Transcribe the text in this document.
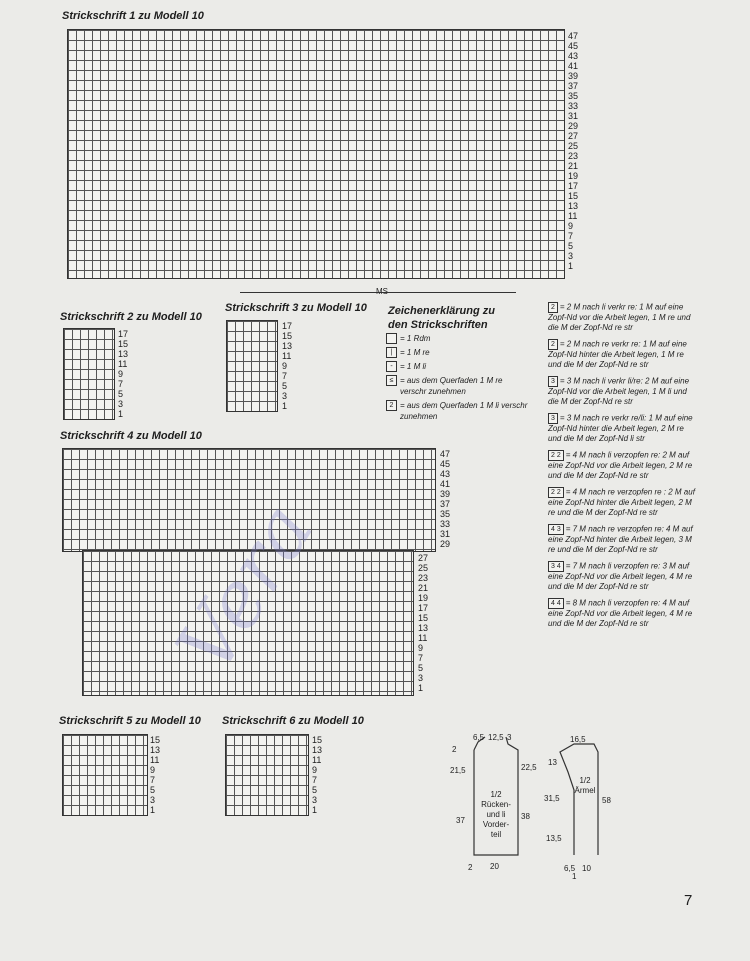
Strickschrift 1 zu Modell 10
47
45
43
41
39
37
35
33
31
29
27
25
23
21
19
17
15
13
11
9
7
5
3
1
MS
Strickschrift 2 zu Modell 10
17
15
13
11
9
7
5
3
1
Strickschrift 3 zu Modell 10
17
15
13
11
9
7
5
3
1
Zeichenerklärung zu
den Strickschriften
= 1 Rdm
| = 1 M re
- = 1 M li
≤ = aus dem Querfaden 1 M re verschr zunehmen
2 = aus dem Querfaden 1 M li verschr zunehmen
2 = 2 M nach li verkr re: 1 M auf eine Zopf-Nd vor die Arbeit legen, 1 M re und die M der Zopf-Nd re str
2 = 2 M nach re verkr re: 1 M auf eine Zopf-Nd hinter die Arbeit legen, 1 M re und die M der Zopf-Nd re str
3 = 3 M nach li verkr li/re: 2 M auf eine Zopf-Nd vor die Arbeit legen, 1 M li und die M der Zopf-Nd re str
3 = 3 M nach re verkr re/li: 1 M auf eine Zopf-Nd hinter die Arbeit legen, 2 M re und die M der Zopf-Nd li str
2 2 = 4 M nach li verzopfen re: 2 M auf eine Zopf-Nd vor die Arbeit legen, 2 M re und die M der Zopf-Nd re str
2 2 = 4 M nach re verzopfen re : 2 M auf eine Zopf-Nd hinter die Arbeit legen, 2 M re und die M der Zopf-Nd re str
4 3 = 7 M nach re verzopfen re: 4 M auf eine Zopf-Nd hinter die Arbeit legen, 3 M re und die M der Zopf-Nd re str
3 4 = 7 M nach li verzopfen re: 3 M auf eine Zopf-Nd vor die Arbeit legen, 4 M re und die M der Zopf-Nd re str
4 4 = 8 M nach li verzopfen re: 4 M auf eine Zopf-Nd vor die Arbeit legen, 4 M re und die M der Zopf-Nd re str
Strickschrift 4 zu Modell 10
47
45
43
41
39
37
35
33
31
29
27
25
23
21
19
17
15
13
11
9
7
5
3
1
Strickschrift 5 zu Modell 10
15
13
11
9
7
5
3
1
Strickschrift 6 zu Modell 10
15
13
11
9
7
5
3
1
6,5 12,5 3
2
21,5	22,5
37	38
1/2
Rücken-
und li
Vorder-
teil
2 20
16,5
13
31,5
13,5
58
1/2
Ärmel
6,5 10
1
Vera
7
